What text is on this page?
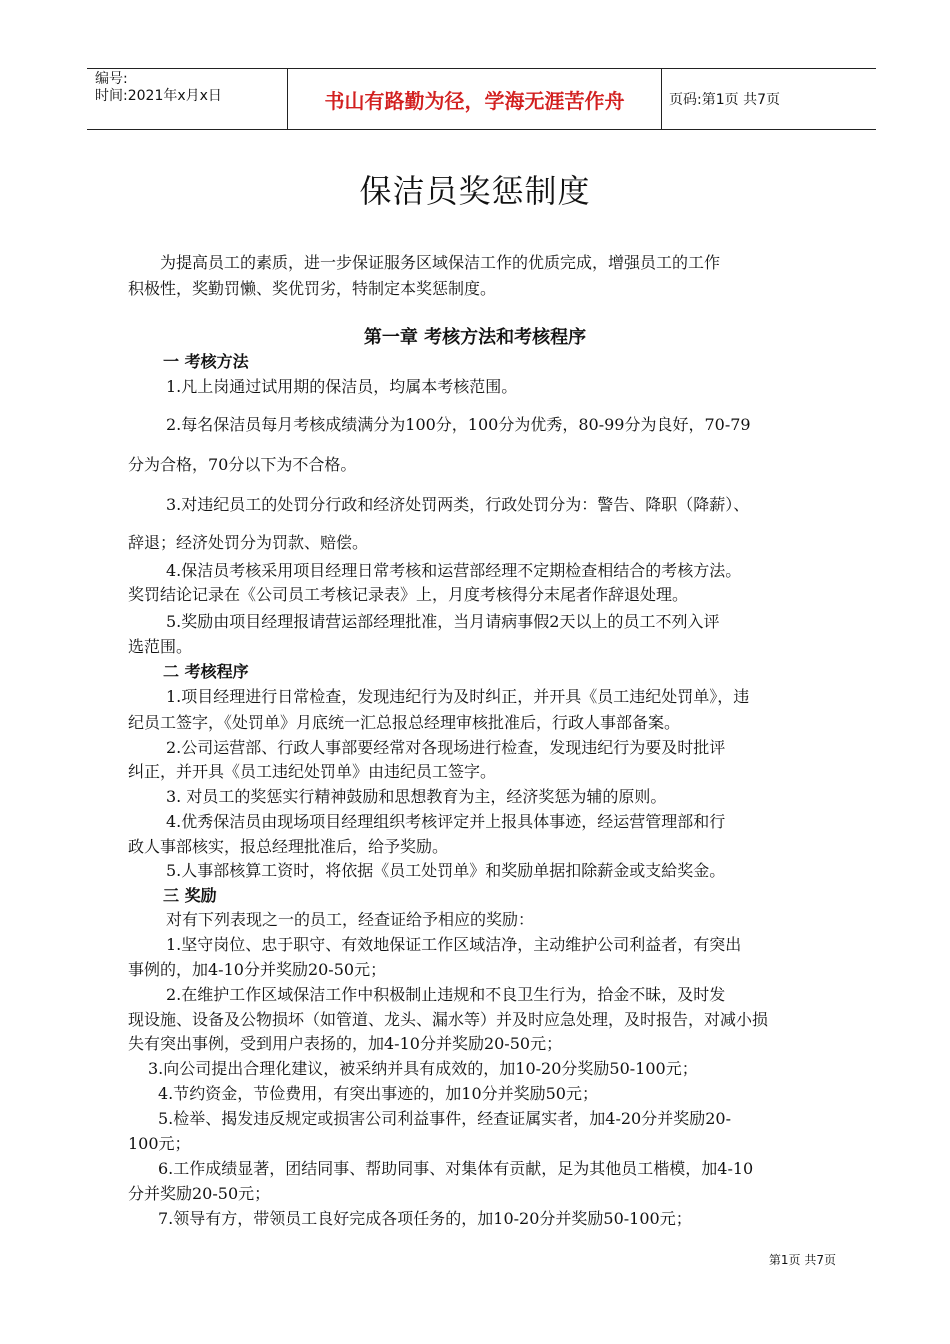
编号:
时间:2021年x月x日	书山有路勤为径，学海无涯苦作舟	页码:第1页 共7页
保洁员奖惩制度
为提高员工的素质，进一步保证服务区域保洁工作的优质完成，增强员工的工作
积极性，奖勤罚懒、奖优罚劣，特制定本奖惩制度。
第一章 考核方法和考核程序
一 考核方法
1.凡上岗通过试用期的保洁员，均属本考核范围。
2.每名保洁员每月考核成绩满分为100分，100分为优秀，80-99分为良好，70-79
分为合格，70分以下为不合格。
3.对违纪员工的处罚分行政和经济处罚两类，行政处罚分为：警告、降职（降薪）、
辞退；经济处罚分为罚款、赔偿。
4.保洁员考核采用项目经理日常考核和运营部经理不定期检查相结合的考核方法。
奖罚结论记录在《公司员工考核记录表》上，月度考核得分末尾者作辞退处理。
5.奖励由项目经理报请营运部经理批准，当月请病事假2天以上的员工不列入评
选范围。
二 考核程序
1.项目经理进行日常检查，发现违纪行为及时纠正，并开具《员工违纪处罚单》，违
纪员工签字，《处罚单》月底统一汇总报总经理审核批准后，行政人事部备案。
2.公司运营部、行政人事部要经常对各现场进行检查，发现违纪行为要及时批评
纠正，并开具《员工违纪处罚单》由违纪员工签字。
3. 对员工的奖惩实行精神鼓励和思想教育为主，经济奖惩为辅的原则。
4.优秀保洁员由现场项目经理组织考核评定并上报具体事迹，经运营管理部和行
政人事部核实，报总经理批准后，给予奖励。
5.人事部核算工资时，将依据《员工处罚单》和奖励单据扣除薪金或支給奖金。
三 奖励
对有下列表现之一的员工，经查证给予相应的奖励：
1.坚守岗位、忠于职守、有效地保证工作区域洁净，主动维护公司利益者，有突出
事例的，加4-10分并奖励20-50元；
2.在维护工作区域保洁工作中积极制止违规和不良卫生行为，拾金不昧，及时发
现设施、设备及公物损坏（如管道、龙头、漏水等）并及时应急处理，及时报告，对减小损
失有突出事例，受到用户表扬的，加4-10分并奖励20-50元；
3.向公司提出合理化建议，被采纳并具有成效的，加10-20分奖励50-100元；
4.节约资金，节俭费用，有突出事迹的，加10分并奖励50元；
5.检举、揭发违反规定或损害公司利益事件，经查证属实者，加4-20分并奖励20-
100元；
6.工作成绩显著，团结同事、帮助同事、对集体有贡献，足为其他员工楷模，加4-10
分并奖励20-50元；
7.领导有方，带领员工良好完成各项任务的，加10-20分并奖励50-100元；
第1页 共7页
